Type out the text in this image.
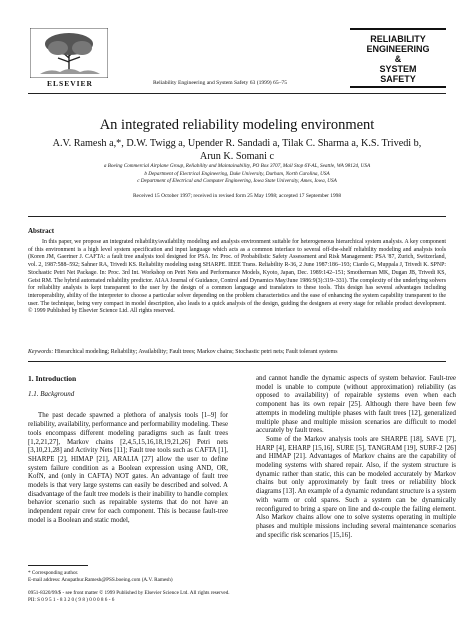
ELSEVIER	Reliability Engineering and System Safety 63 (1999) 65–75
RELIABILITY
ENGINEERING
&
SYSTEM
SAFETY
An integrated reliability modeling environment
A.V. Ramesh a,*, D.W. Twigg a, Upender R. Sandadi a, Tilak C. Sharma a, K.S. Trivedi b,
Arun K. Somani c
a Boeing Commercial Airplane Group, Reliability and Maintainability, PO Box 3707, Mail Stop 6Y-AL, Seattle, WA 98124, USA
b Department of Electrical Engineering, Duke University, Durham, North Carolina, USA
c Department of Electrical and Computer Engineering, Iowa State University, Ames, Iowa, USA
Received 15 October 1997; received in revised form 25 May 1998; accepted 17 September 1998
Abstract
In this paper, we propose an integrated reliability/availability modeling and analysis environment suitable for heterogeneous hierarchical system analysis. A key component of this environment is a high level system specification and input language which acts as a common interface to several off-the-shelf reliability modeling and analysis tools (Koren JM, Gaertner J. CAFTA: a fault tree analysis tool designed for PSA. In: Proc. of Probabilistic Safety Assessment and Risk Management: PSA '87, Zurich, Switzerland, vol. 2, 1987:588–592; Sahner RA, Trivedi KS. Reliability modeling using SHARPE. IEEE Trans. Reliability R-36, 2 June 1987:186–193; Ciardo G, Muppala J, Trivedi K. SPNP: Stochastic Petri Net Package. In: Proc. 3rd Int. Workshop on Petri Nets and Performance Models, Kyoto, Japan, Dec. 1989:142–151; Smotherman MK, Dugan JB, Trivedi KS, Geist RM. The hybrid automated reliability predictor. AIAA Journal of Guidance, Control and Dynamics May/June 1986:9(3):319–331). The complexity of the underlying solvers for reliability analysis is kept transparent to the user by the design of a common language and translators to these tools. This design has several advantages including interoperability, ability of the interpreter to choose a particular solver depending on the problem characteristics and the ease of enhancing the system capability transparent to the user. The technique, being very compact in model description, also leads to a quick analysis of the design, guiding the designers at every stage for reliable product development. © 1999 Published by Elsevier Science Ltd. All rights reserved.
Keywords: Hierarchical modeling; Reliability; Availability; Fault trees; Markov chains; Stochastic petri nets; Fault tolerant systems
1. Introduction
1.1. Background

The past decade spawned a plethora of analysis tools [1–9] for reliability, availability, performance and performability modeling. These tools encompass different modeling paradigms such as fault trees [1,2,21,27], Markov chains [2,4,5,15,16,18,19,21,26] Petri nets [3,10,21,28] and Activity Nets [11]; Fault tree tools such as CAFTA [1], SHARPE [2], HIMAP [21], ARALIA [27] allow the user to define system failure condition as a Boolean expression using AND, OR, KofN, and (only in CAFTA) NOT gates. An advantage of fault tree models is that very large systems can easily be described and solved. A disadvantage of the fault tree models is their inability to handle complex behavior scenario such as repairable systems that do not have an independent repair crew for each component. This is because fault-tree model is a Boolean and static model,

and cannot handle the dynamic aspects of system behavior. Fault-tree model is unable to compute (without approximation) reliability (as opposed to availability) of repairable systems even when each component has its own repair [25]. Although there have been few attempts in modeling multiple phases with fault trees [12], generalized multiple phase and multiple mission scenarios are difficult to model accurately by fault trees.

Some of the Markov analysis tools are SHARPE [18], SAVE [7], HARP [4], EHARP [15,16], SURE [5], TANGRAM [19], SURF-2 [26] and HIMAP [21]. Advantages of Markov chains are the capability of modeling systems with shared repair. Also, if the system structure is dynamic rather than static, this can be modeled accurately by Markov chains but only approximately by fault trees or reliability block diagrams [13]. An example of a dynamic redundant structure is a system with warm or cold spares. Such a system can be dynamically reconfigured to bring a spare on line and de-couple the failing element. Also Markov chains allow one to solve systems operating in multiple phases and multiple missions including several maintenance scenarios and specific risk scenarios [15,16].

* Corresponding author.
E-mail address: Anupathur.Ramesh@PSS.boeing.com (A.V. Ramesh)
0951-8320/99/$ - see front matter © 1999 Published by Elsevier Science Ltd. All rights reserved.
PII: S 0 9 5 1 - 8 3 2 0 ( 9 8 ) 0 0 0 8 6 - 6
